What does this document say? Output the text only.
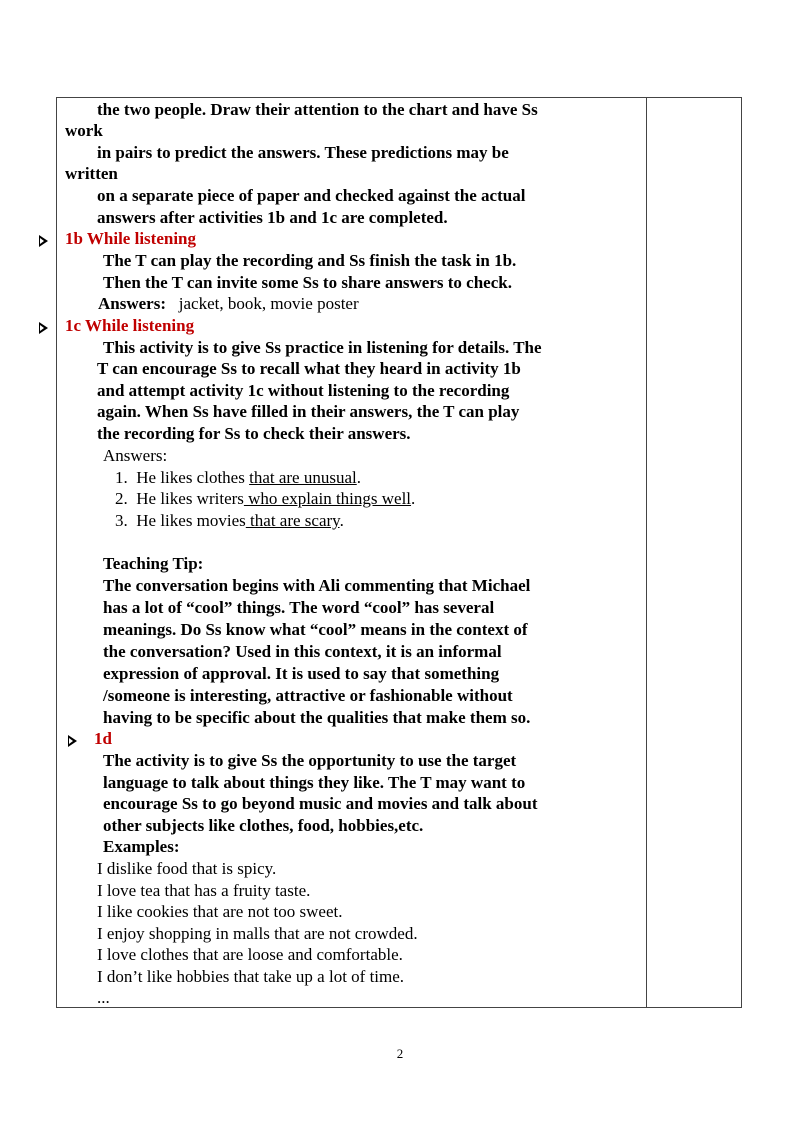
the two people. Draw their attention to the chart and have Ss
work
in pairs to predict the answers. These predictions may be
written
on a separate piece of paper and checked against the actual
answers after activities 1b and 1c are completed.
1b While listening
The T can play the recording and Ss finish the task in 1b.
Then the T can invite some Ss to share answers to check.
Answers: jacket, book, movie poster
1c While listening
This activity is to give Ss practice in listening for details. The
T can encourage Ss to recall what they heard in activity 1b
and attempt activity 1c without listening to the recording
again. When Ss have filled in their answers, the T can play
the recording for Ss to check their answers.
Answers:
1. He likes clothes that are unusual.
2. He likes writers who explain things well.
3. He likes movies that are scary.
Teaching Tip:
The conversation begins with Ali commenting that Michael
has a lot of “cool” things. The word “cool” has several
meanings. Do Ss know what “cool” means in the context of
the conversation? Used in this context, it is an informal
expression of approval. It is used to say that something
/someone is interesting, attractive or fashionable without
having to be specific about the qualities that make them so.
1d
The activity is to give Ss the opportunity to use the target
language to talk about things they like. The T may want to
encourage Ss to go beyond music and movies and talk about
other subjects like clothes, food, hobbies,etc.
Examples:
I dislike food that is spicy.
I love tea that has a fruity taste.
I like cookies that are not too sweet.
I enjoy shopping in malls that are not crowded.
I love clothes that are loose and comfortable.
I don’t like hobbies that take up a lot of time.
...
2
